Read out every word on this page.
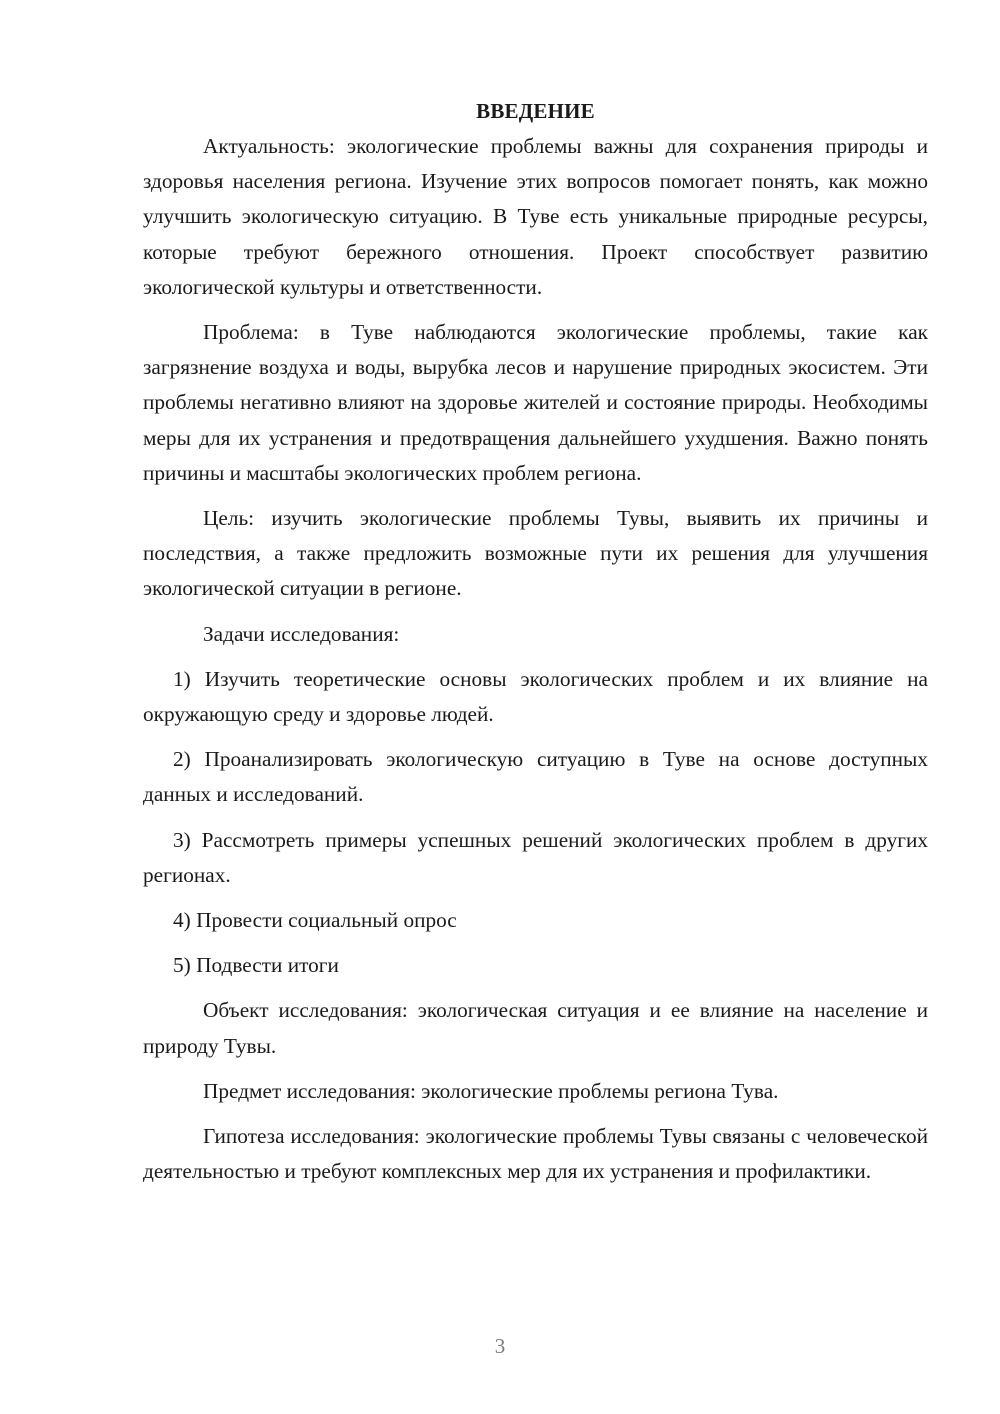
ВВЕДЕНИЕ

Актуальность: экологические проблемы важны для сохранения природы и здоровья населения региона. Изучение этих вопросов помогает понять, как можно улучшить экологическую ситуацию. В Туве есть уникальные природные ресурсы, которые требуют бережного отношения. Проект способствует развитию экологической культуры и ответственности.

Проблема: в Туве наблюдаются экологические проблемы, такие как загрязнение воздуха и воды, вырубка лесов и нарушение природных экосистем. Эти проблемы негативно влияют на здоровье жителей и состояние природы. Необходимы меры для их устранения и предотвращения дальнейшего ухудшения. Важно понять причины и масштабы экологических проблем региона.

Цель: изучить экологические проблемы Тувы, выявить их причины и последствия, а также предложить возможные пути их решения для улучшения экологической ситуации в регионе.

Задачи исследования:

1) Изучить теоретические основы экологических проблем и их влияние на окружающую среду и здоровье людей.

2) Проанализировать экологическую ситуацию в Туве на основе доступных данных и исследований.

3) Рассмотреть примеры успешных решений экологических проблем в других регионах.

4) Провести социальный опрос

5) Подвести итоги

Объект исследования: экологическая ситуация и ее влияние на население и природу Тувы.

Предмет исследования: экологические проблемы региона Тува.

Гипотеза исследования: экологические проблемы Тувы связаны с человеческой деятельностью и требуют комплексных мер для их устранения и профилактики.

3
